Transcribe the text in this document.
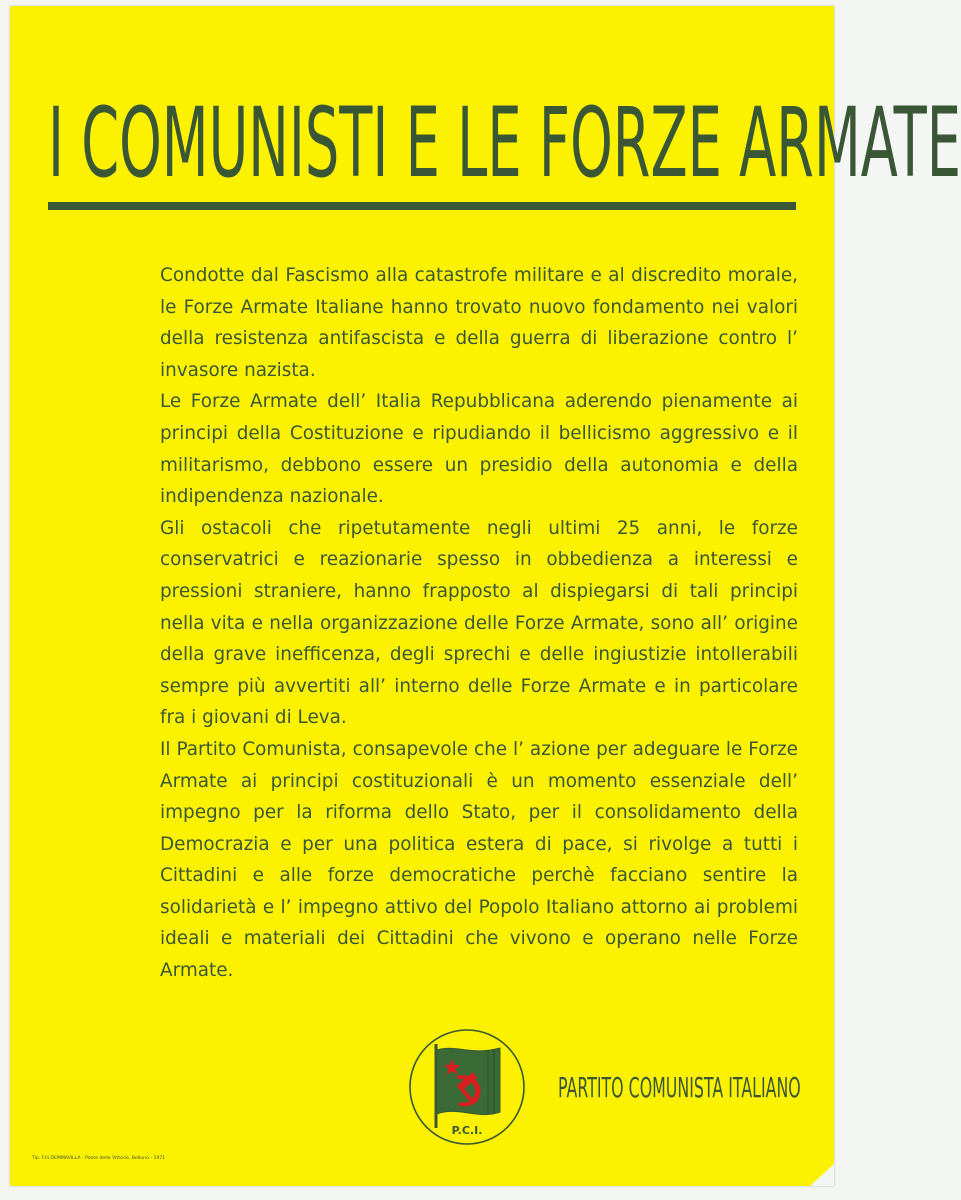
I COMUNISTI E LE FORZE ARMATE

Condotte dal Fascismo alla catastrofe militare e al discredito morale, le Forze Armate Italiane hanno trovato nuovo fondamento nei valori della resistenza antifascista e della guerra di liberazione contro l’ invasore nazista.

Le Forze Armate dell’ Italia Repubblicana aderendo pienamente ai principi della Costituzione e ripudiando il bellicismo aggressivo e il militarismo, debbono essere un presidio della autonomia e della indipendenza nazionale.

Gli ostacoli che ripetutamente negli ultimi 25 anni, le forze conservatrici e reazionarie spesso in obbedienza a interessi e pressioni straniere, hanno frapposto al dispiegarsi di tali principi nella vita e nella organizzazione delle Forze Armate, sono all’ origine della grave inefficenza, degli sprechi e delle ingiustizie intollerabili sempre più avvertiti all’ interno delle Forze Armate e in particolare fra i giovani di Leva.

Il Partito Comunista, consapevole che l’ azione per adeguare le Forze Armate ai principi costituzionali è un momento essenziale dell’ impegno per la riforma dello Stato, per il consolidamento della Democrazia e per una politica estera di pace, si rivolge a tutti i Cittadini e alle forze democratiche perchè facciano sentire la solidarietà e l’ impegno attivo del Popolo Italiano attorno ai problemi ideali e materiali dei Cittadini che vivono e operano nelle Forze Armate.

P.C.I.

PARTITO COMUNISTA ITALIANO

Tip. F.lli DEMMAVILLA - Ponte delle Vittorie, Belluno - 1971
